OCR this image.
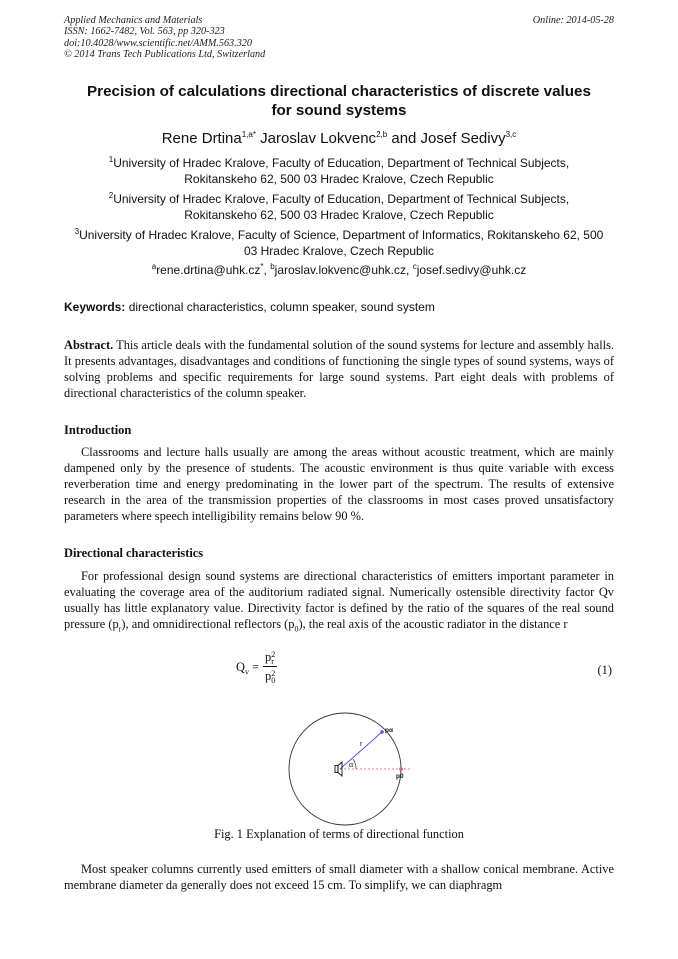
Applied Mechanics and Materials
ISSN: 1662-7482, Vol. 563, pp 320-323
doi:10.4028/www.scientific.net/AMM.563.320
© 2014 Trans Tech Publications Ltd, Switzerland
Online: 2014-05-28
Precision of calculations directional characteristics of discrete values
for sound systems
Rene Drtina$^{1,a*}$ Jaroslav Lokvenc$^{2,b}$ and Josef Sedivy$^{3,c}$
$^1$University of Hradec Kralove, Faculty of Education, Department of Technical Subjects,
Rokitanskeho 62, 500 03 Hradec Kralove, Czech Republic
$^2$University of Hradec Kralove, Faculty of Education, Department of Technical Subjects,
Rokitanskeho 62, 500 03 Hradec Kralove, Czech Republic
$^3$University of Hradec Kralove, Faculty of Science, Department of Informatics, Rokitanskeho 62, 500
03 Hradec Kralove, Czech Republic
$^a$rene.drtina@uhk.cz*, $^b$jaroslav.lokvenc@uhk.cz, $^c$josef.sedivy@uhk.cz
Keywords: directional characteristics, column speaker, sound system
Abstract. This article deals with the fundamental solution of the sound systems for lecture and assembly halls. It presents advantages, disadvantages and conditions of functioning the single types of sound systems, ways of solving problems and specific requirements for large sound systems. Part eight deals with problems of directional characteristics of the column speaker.
Introduction
Classrooms and lecture halls usually are among the areas without acoustic treatment, which are mainly dampened only by the presence of students. The acoustic environment is thus quite variable with excess reverberation time and energy predominating in the lower part of the spectrum. The results of extensive research in the area of the transmission properties of the classrooms in most cases proved unsatisfactory parameters where speech intelligibility remains below 90 %.
Directional characteristics
For professional design sound systems are directional characteristics of emitters important parameter in evaluating the coverage area of the auditorium radiated signal. Numerically ostensible directivity factor Qv usually has little explanatory value. Directivity factor is defined by the ratio of the squares of the real sound pressure $(p_r)$, and omnidirectional reflectors $(p_0)$, the real axis of the acoustic radiator in the distance r
$Q_v$ =	p2
r
p2
0
(1)
r
α
pα
p0
Fig. 1 Explanation of terms of directional function
Most speaker columns currently used emitters of small diameter with a shallow conical membrane. Active membrane diameter da generally does not exceed 15 cm. To simplify, we can diaphragm
